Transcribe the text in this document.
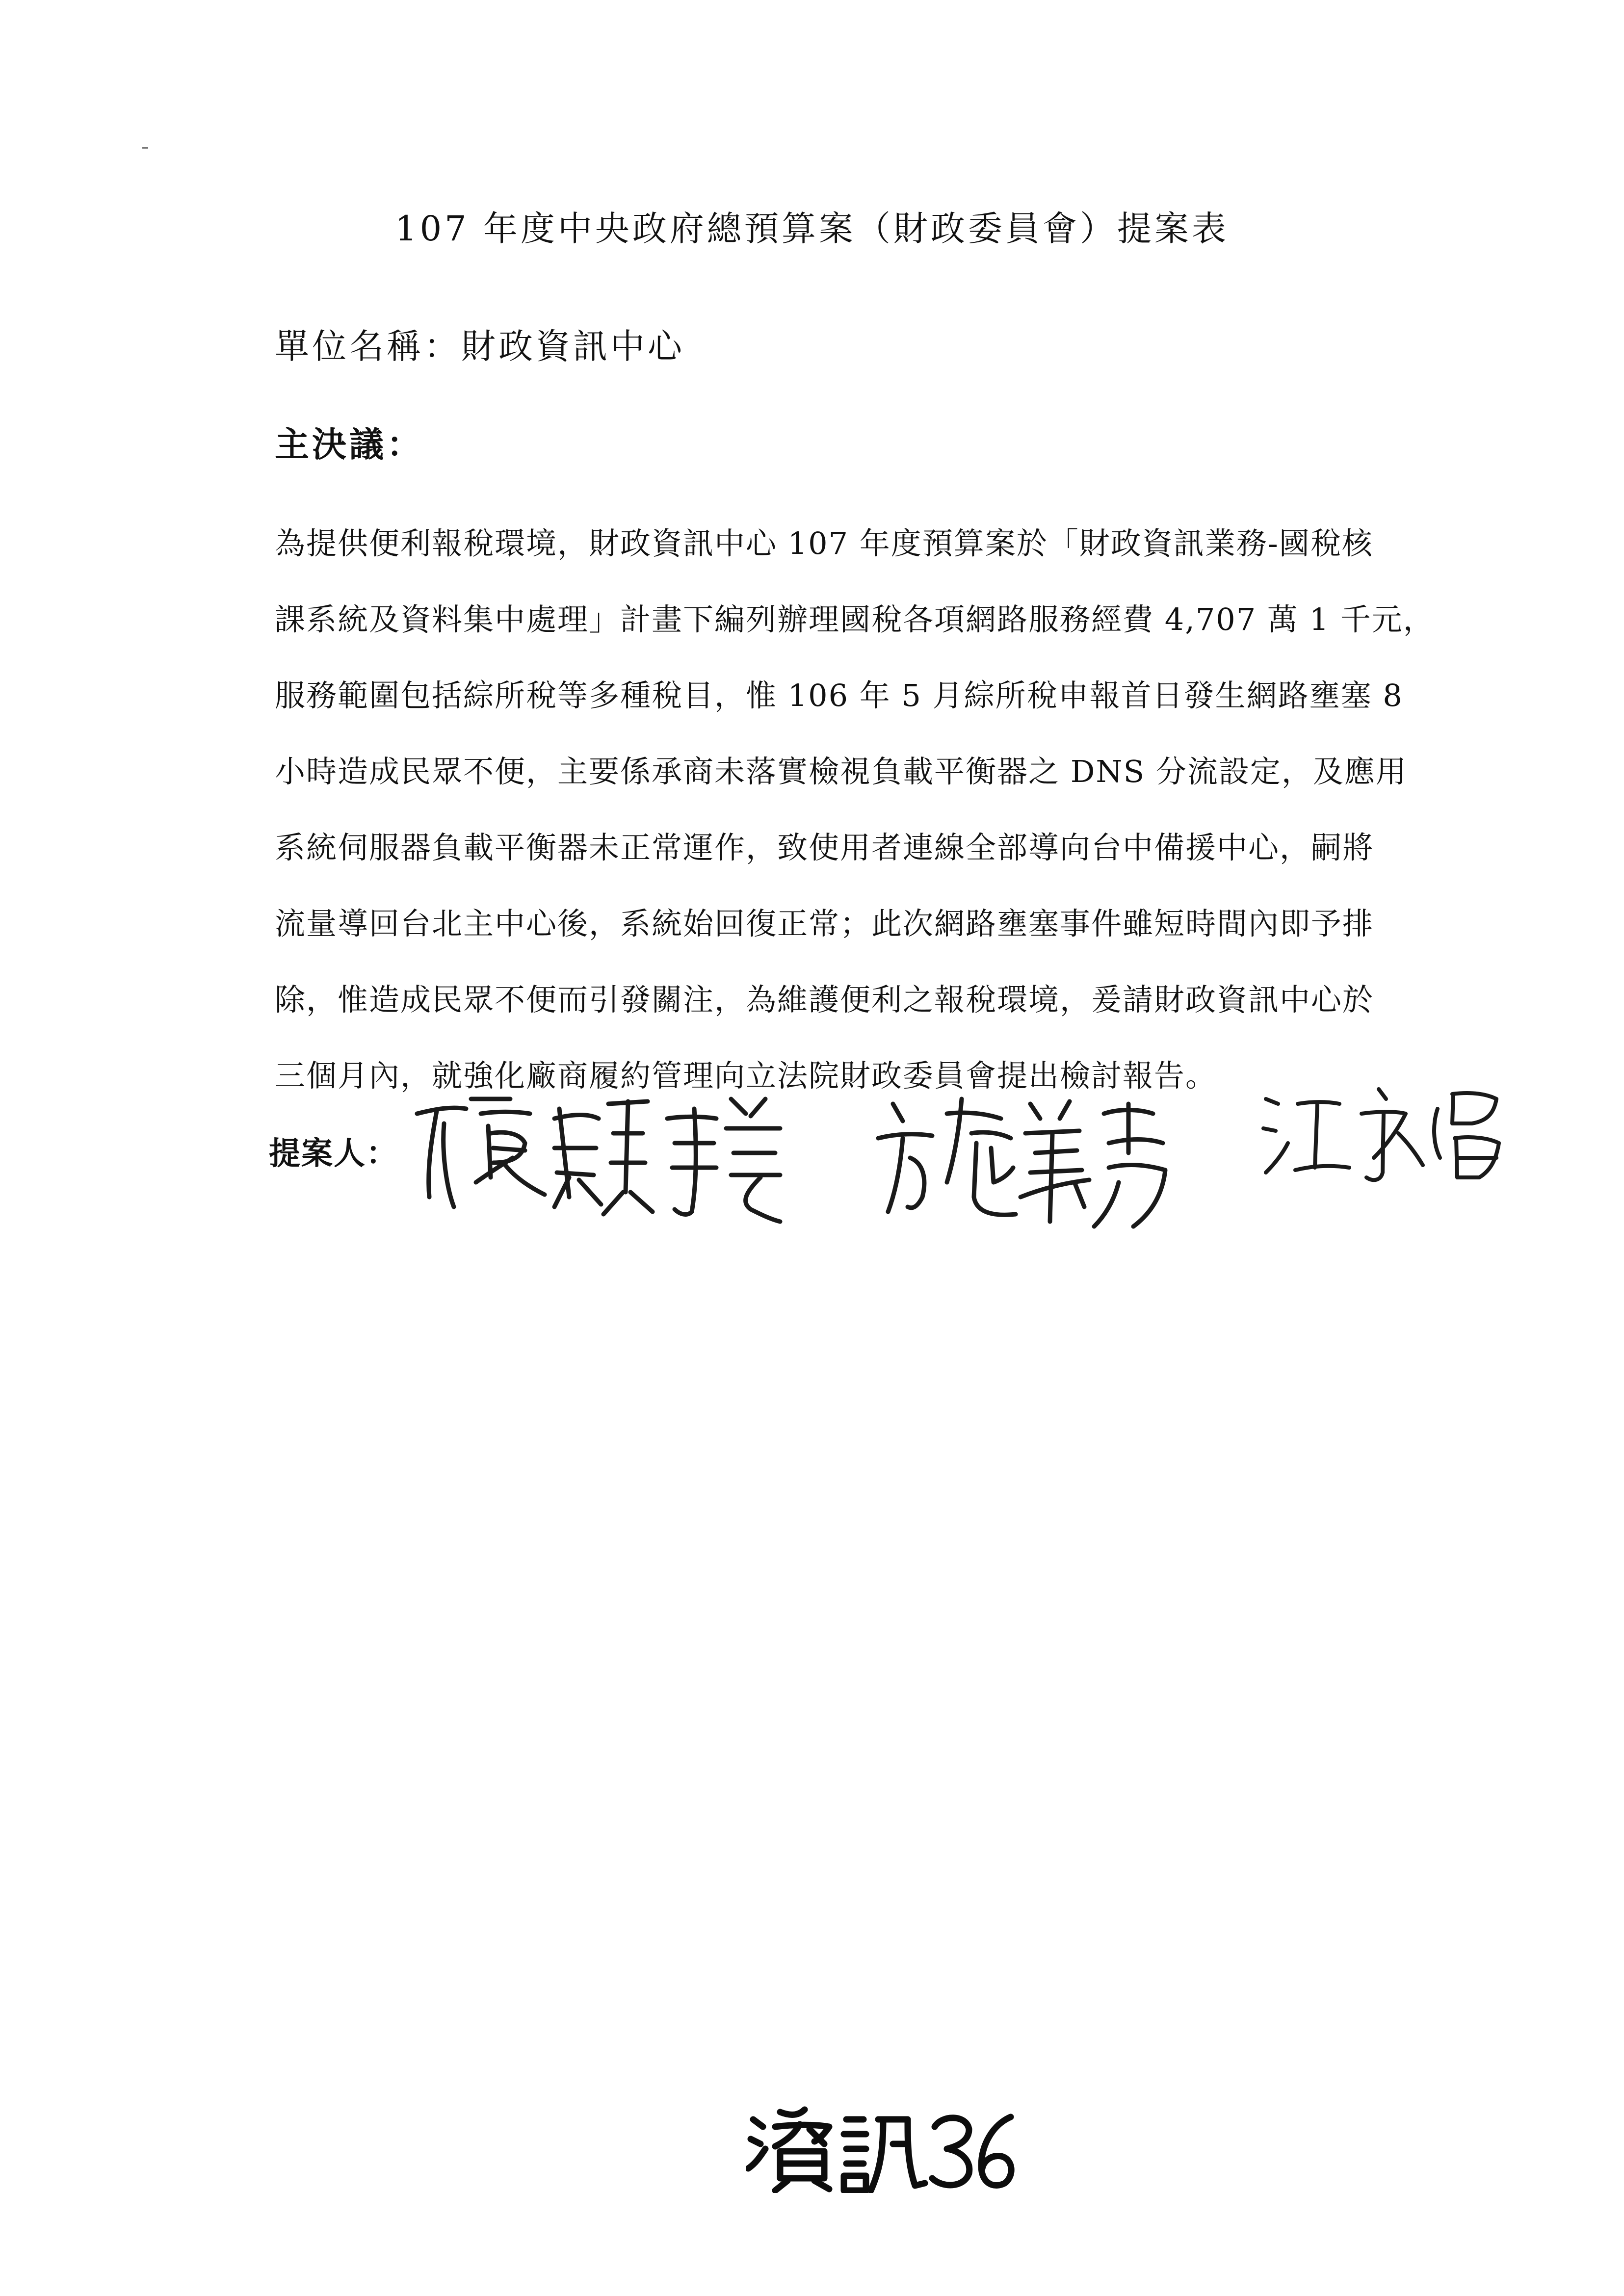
107 年度中央政府總預算案（財政委員會）提案表
單位名稱：財政資訊中心
主決議：
為提供便利報稅環境，財政資訊中心 107 年度預算案於「財政資訊業務-國稅核
課系統及資料集中處理」計畫下編列辦理國稅各項網路服務經費 4,707 萬 1 千元，
服務範圍包括綜所稅等多種稅目，惟 106 年 5 月綜所稅申報首日發生網路壅塞 8
小時造成民眾不便，主要係承商未落實檢視負載平衡器之 DNS 分流設定，及應用
系統伺服器負載平衡器未正常運作，致使用者連線全部導向台中備援中心，嗣將
流量導回台北主中心後，系統始回復正常；此次網路壅塞事件雖短時間內即予排
除，惟造成民眾不便而引發關注，為維護便利之報稅環境，爰請財政資訊中心於
三個月內，就強化廠商履約管理向立法院財政委員會提出檢討報告。
提案人：
